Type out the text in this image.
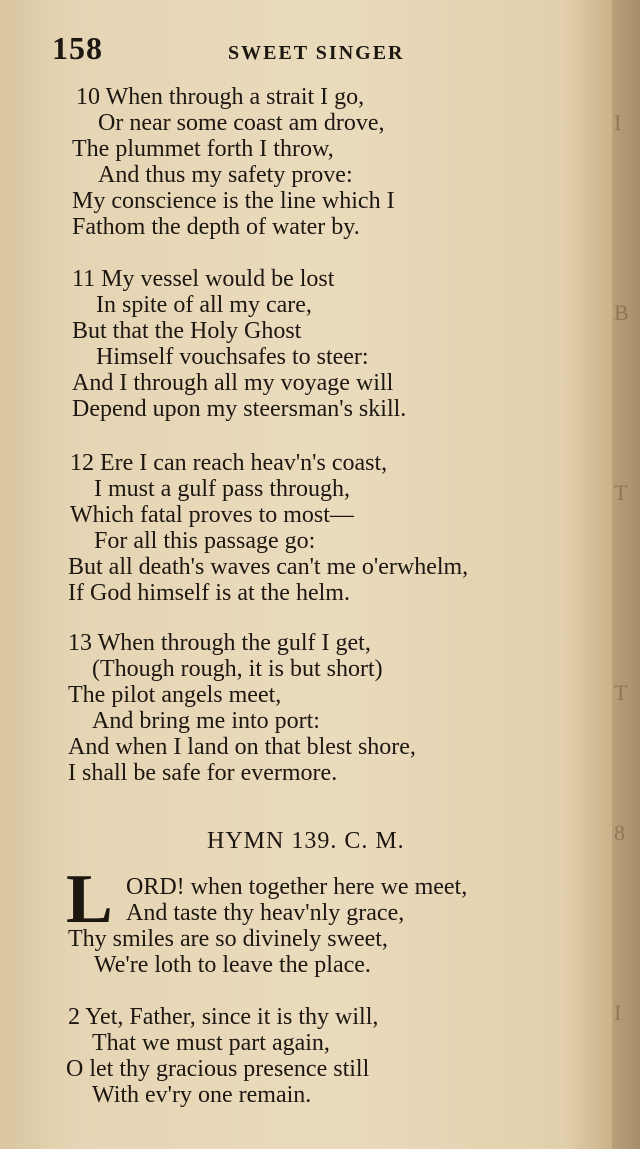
158	SWEET SINGER
10 When through a strait I go,
Or near some coast am drove,
The plummet forth I throw,
And thus my safety prove:
My conscience is the line which I
Fathom the depth of water by.
11 My vessel would be lost
In spite of all my care,
But that the Holy Ghost
Himself vouchsafes to steer:
And I through all my voyage will
Depend upon my steersman's skill.
12 Ere I can reach heav'n's coast,
I must a gulf pass through,
Which fatal proves to most—
For all this passage go:
But all death's waves can't me o'erwhelm,
If God himself is at the helm.
13 When through the gulf I get,
(Though rough, it is but short)
The pilot angels meet,
And bring me into port:
And when I land on that blest shore,
I shall be safe for evermore.
HYMN 139. C. M.
L ORD! when together here we meet,
And taste thy heav'nly grace,
Thy smiles are so divinely sweet,
We're loth to leave the place.
2 Yet, Father, since it is thy will,
That we must part again,
O let thy gracious presence still
With ev'ry one remain.
I
B
T
T
8
I
